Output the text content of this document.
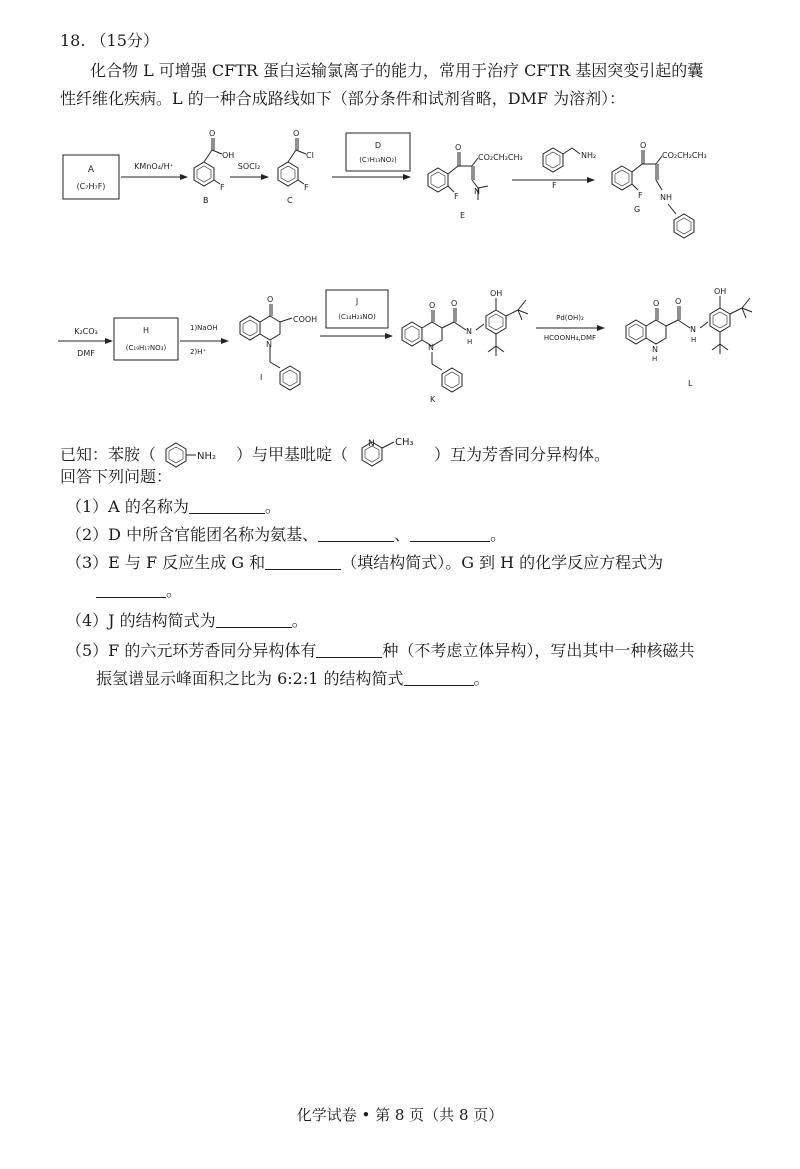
18. （15分）
化合物 L 可增强 CFTR 蛋白运输氯离子的能力，常用于治疗 CFTR 基因突变引起的囊
性纤维化疾病。L 的一种合成路线如下（部分条件和试剂省略，DMF 为溶剂）：
A
(C₇H₇F)
KMnO₄/H⁺
O
OH
F
B
SOCl₂
O
Cl
F
C
D
(C₇H₁₃NO₂)
O
CO₂CH₂CH₃
N
F
E
NH₂
F
O
CO₂CH₂CH₃
NH
F
G
K₂CO₃
DMF
H
(C₁₉H₁₇NO₃)
1)NaOH
2)H⁺
O
COOH
N
I
J
(C₁₄H₂₃NO)
O O
N
H
OH
N
K
Pd(OH)₂
HCOONH₄,DMF
O O
N
H
OH
N
H
L
已知：苯胺（	NH₂ ）与甲基吡啶（
N CH₃
）互为芳香同分异构体。
回答下列问题：
（1）A 的名称为	。
（2）D 中所含官能团名称为氨基、	、	。
（3）E 与 F 反应生成 G 和	（填结构简式）。G 到 H 的化学反应方程式为
。
（4）J 的结构简式为	。
（5）F 的六元环芳香同分异构体有	种（不考虑立体异构），写出其中一种核磁共
振氢谱显示峰面积之比为 6:2:1 的结构简式	。
化学试卷 • 第 8 页（共 8 页）
